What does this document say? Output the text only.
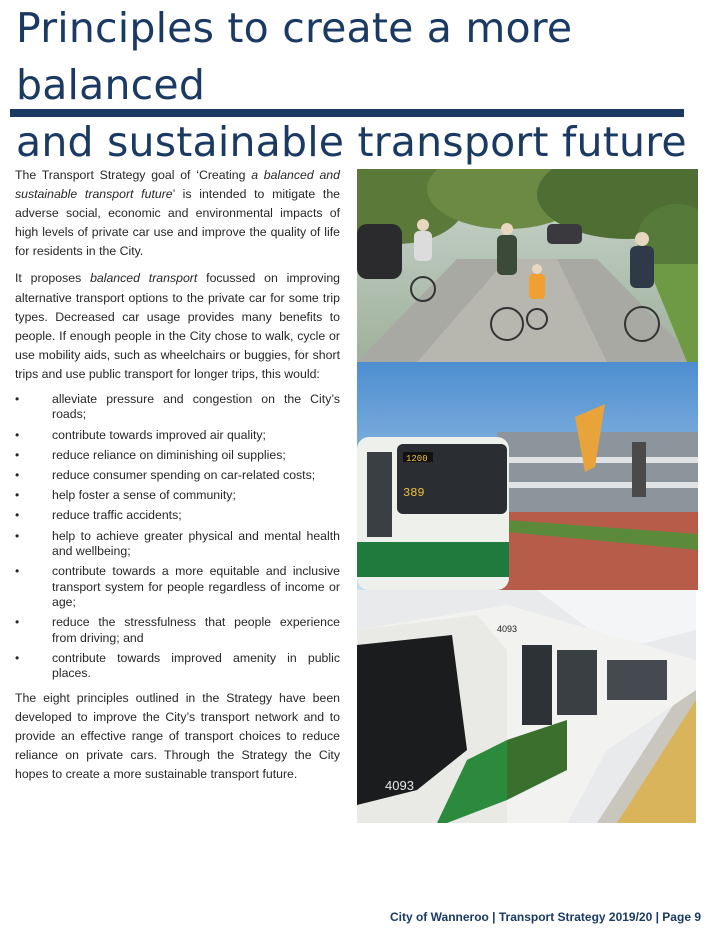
Principles to create a more balanced
and sustainable transport future

The Transport Strategy goal of ‘Creating a balanced and sustainable transport future’ is intended to mitigate the adverse social, economic and environmental impacts of high levels of private car use and improve the quality of life for residents in the City.

It proposes balanced transport focussed on improving alternative transport options to the private car for some trip types. Decreased car usage provides many benefits to people. If enough people in the City chose to walk, cycle or use mobility aids, such as wheelchairs or buggies, for short trips and use public transport for longer trips, this would:

•	alleviate pressure and congestion on the City’s roads;
•	contribute towards improved air quality;
•	reduce reliance on diminishing oil supplies;
•	reduce consumer spending on car-related costs;
•	help foster a sense of community;
•	reduce traffic accidents;
•	help to achieve greater physical and mental health and wellbeing;
•	contribute towards a more equitable and inclusive transport system for people regardless of income or age;
•	reduce the stressfulness that people experience from driving; and
•	contribute towards improved amenity in public places.

The eight principles outlined in the Strategy have been developed to improve the City’s transport network and to provide an effective range of transport choices to reduce reliance on private cars. Through the Strategy the City hopes to create a more sustainable transport future.

1200
389
4093
4093
City of Wanneroo | Transport Strategy 2019/20 | Page 9
